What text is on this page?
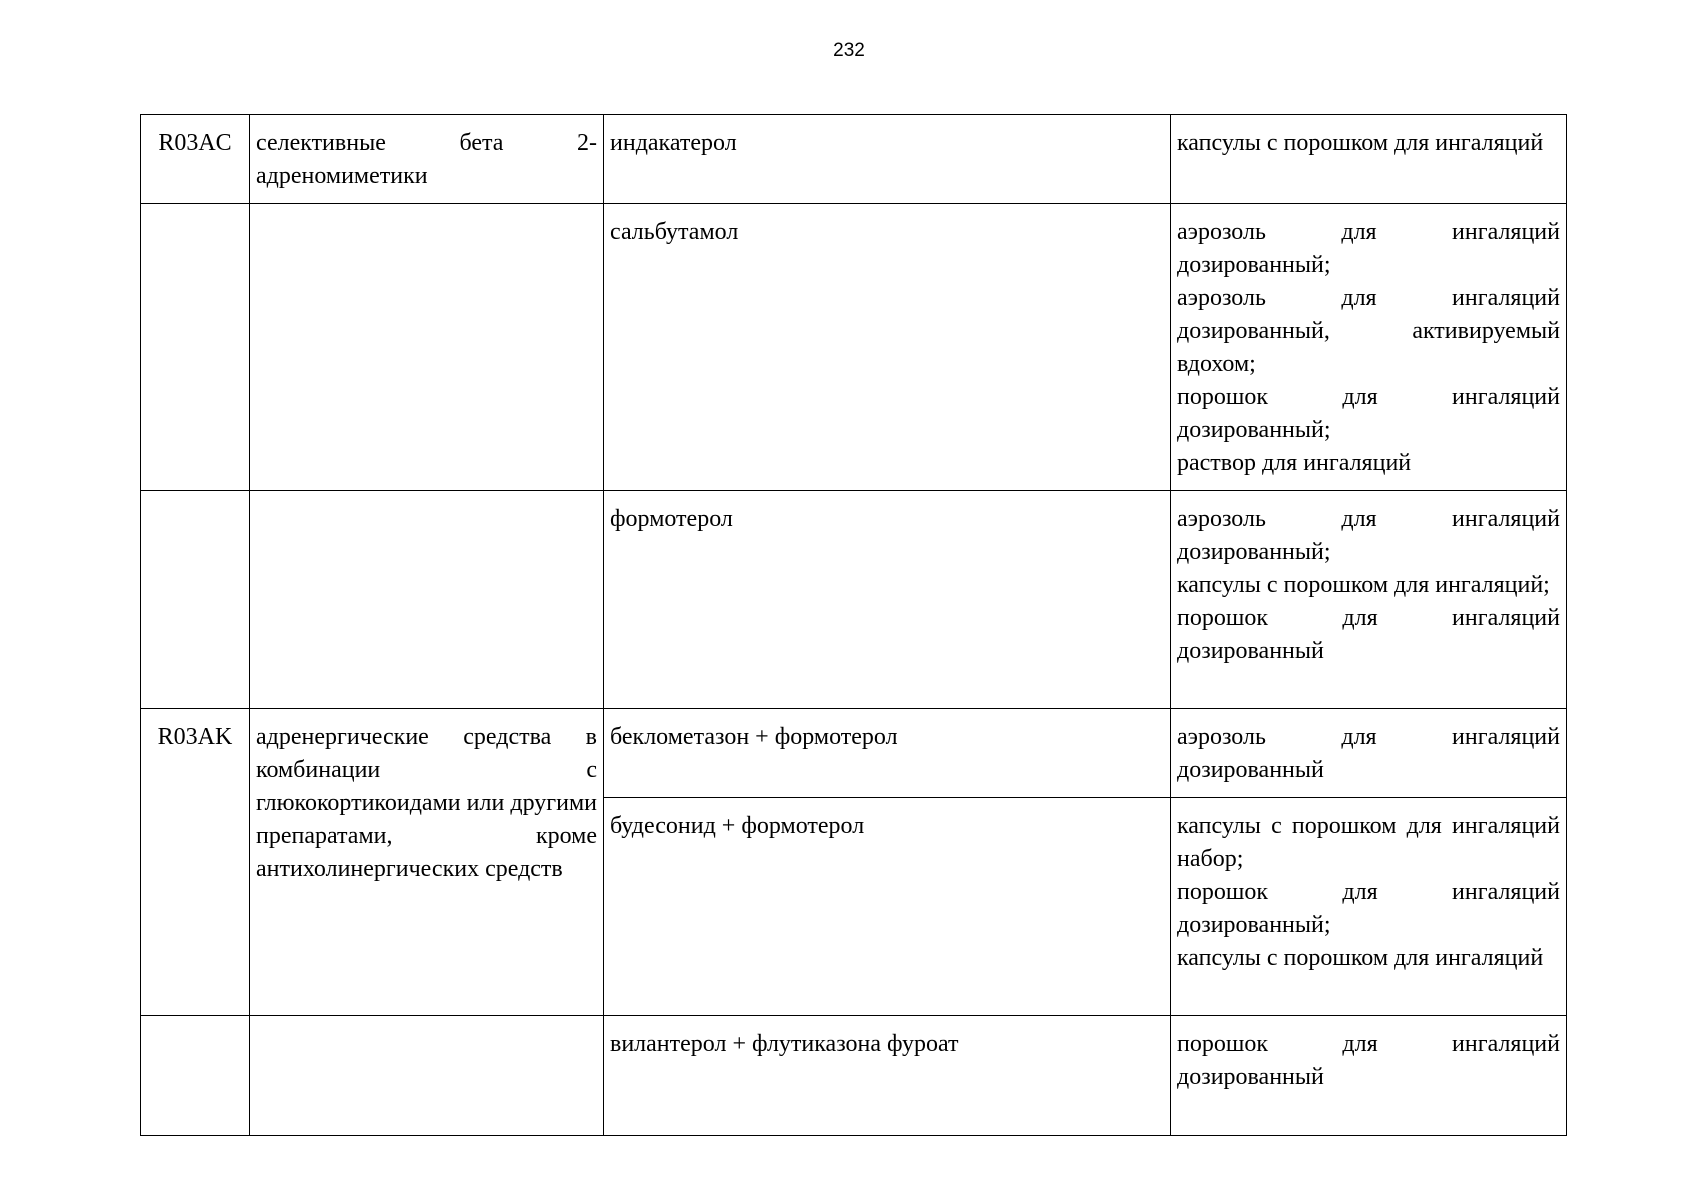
232
R03AC	селективные бета 2-адреномиметики	индакатерол	капсулы с порошком для ингаляций

		сальбутамол	аэрозоль для ингаляций дозированный;
аэрозоль для ингаляций дозированный, активируемый вдохом;
порошок для ингаляций дозированный;
раствор для ингаляций

		формотерол	аэрозоль для ингаляций дозированный;
капсулы с порошком для ингаляций;
порошок для ингаляций дозированный

R03AK	адренергические средства в комбинации с глюкокортикоидами или другими препаратами, кроме антихолинергических средств	беклометазон + формотерол	аэрозоль для ингаляций дозированный

		будесонид + формотерол	капсулы с порошком для ингаляций набор;
порошок для ингаляций дозированный;
капсулы с порошком для ингаляций

		вилантерол + флутиказона фуроат	порошок для ингаляций дозированный
